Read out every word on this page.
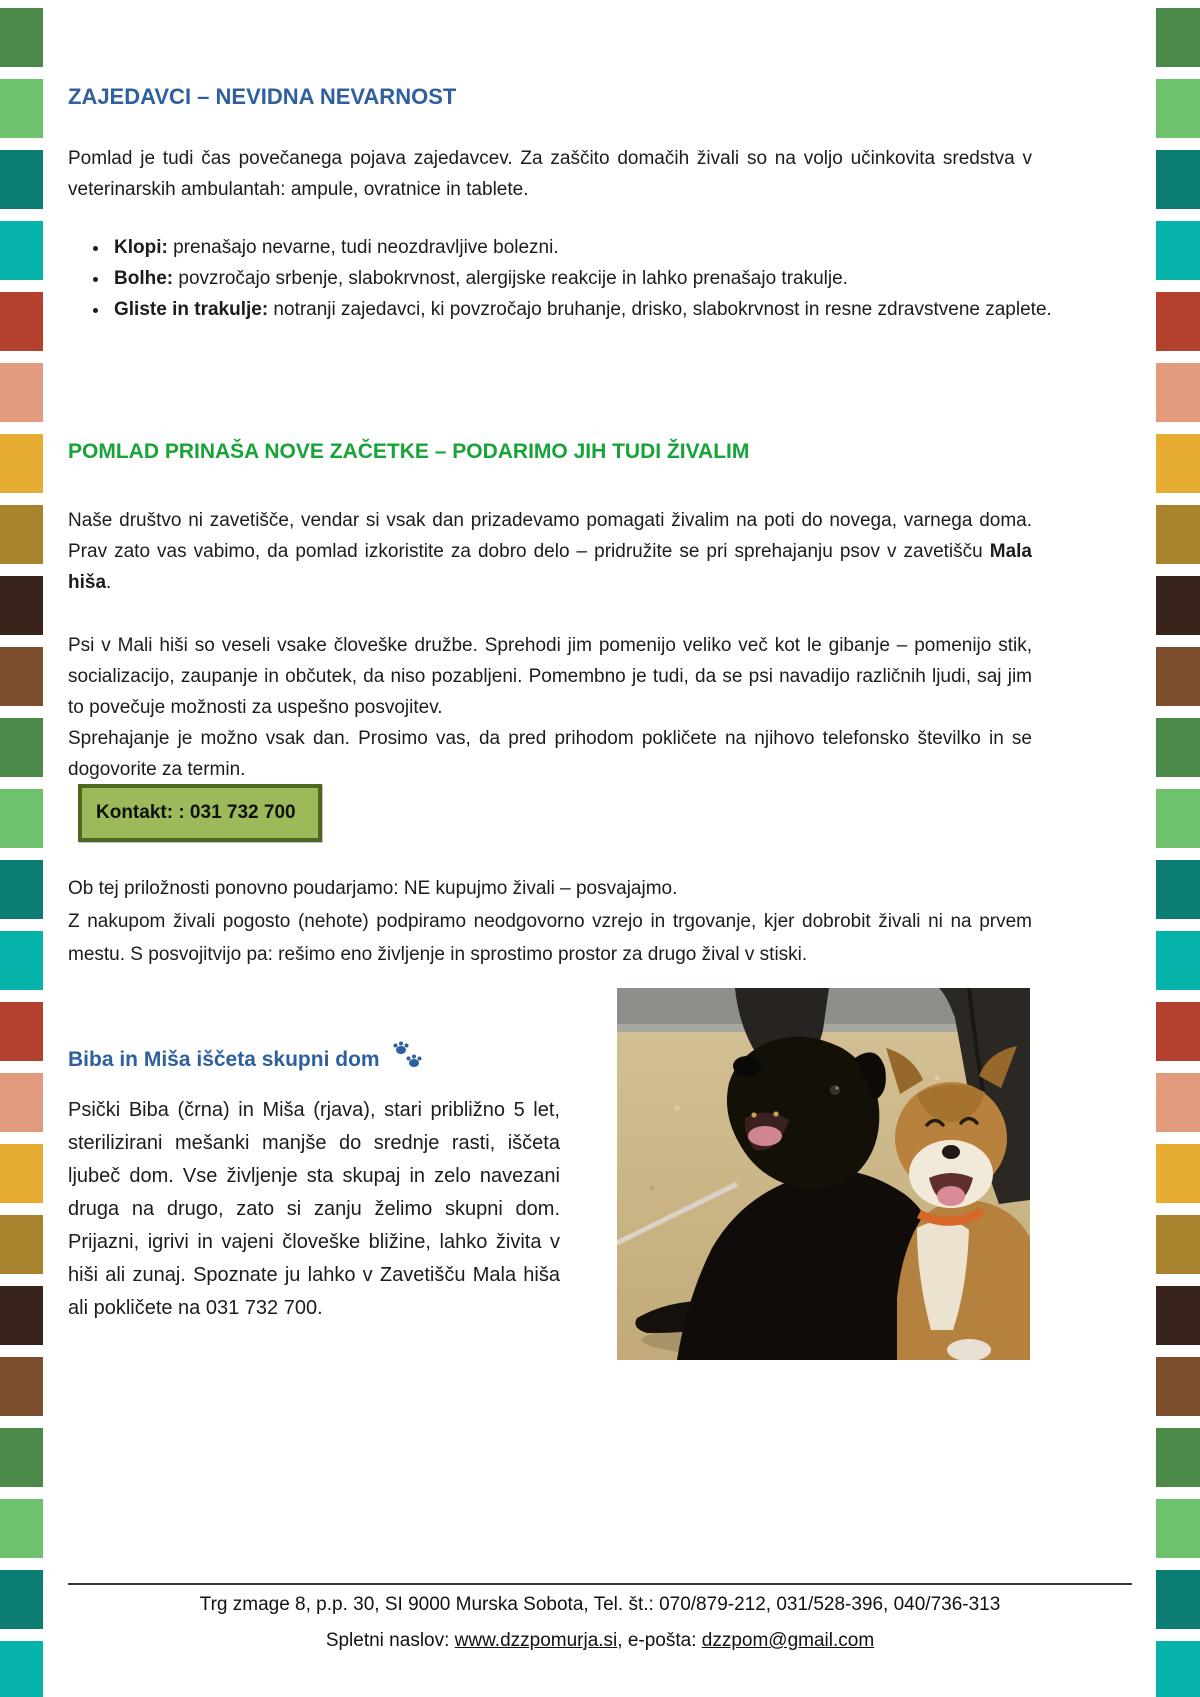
ZAJEDAVCI – NEVIDNA NEVARNOST

Pomlad je tudi čas povečanega pojava zajedavcev. Za zaščito domačih živali so na voljo učinkovita sredstva v veterinarskih ambulantah: ampule, ovratnice in tablete.

• Klopi: prenašajo nevarne, tudi neozdravljive bolezni.
• Bolhe: povzročajo srbenje, slabokrvnost, alergijske reakcije in lahko prenašajo trakulje.
• Gliste in trakulje: notranji zajedavci, ki povzročajo bruhanje, drisko, slabokrvnost in resne zdravstvene zaplete.
POMLAD PRINAŠA NOVE ZAČETKE – PODARIMO JIH TUDI ŽIVALIM

Naše društvo ni zavetišče, vendar si vsak dan prizadevamo pomagati živalim na poti do novega, varnega doma. Prav zato vas vabimo, da pomlad izkoristite za dobro delo – pridružite se pri sprehajanju psov v zavetišču Mala hiša.

Psi v Mali hiši so veseli vsake človeške družbe. Sprehodi jim pomenijo veliko več kot le gibanje – pomenijo stik, socializacijo, zaupanje in občutek, da niso pozabljeni. Pomembno je tudi, da se psi navadijo različnih ljudi, saj jim to povečuje možnosti za uspešno posvojitev.
Sprehajanje je možno vsak dan. Prosimo vas, da pred prihodom pokličete na njihovo telefonsko številko in se dogovorite za termin.

Kontakt: : 031 732 700

Ob tej priložnosti ponovno poudarjamo: NE kupujmo živali – posvajajmo.
Z nakupom živali pogosto (nehote) podpiramo neodgovorno vzrejo in trgovanje, kjer dobrobit živali ni na prvem mestu. S posvojitvijo pa: rešimo eno življenje in sprostimo prostor za drugo žival v stiski.

Biba in Miša iščeta skupni dom

Psički Biba (črna) in Miša (rjava), stari približno 5 let, sterilizirani mešanki manjše do srednje rasti, iščeta ljubeč dom. Vse življenje sta skupaj in zelo navezani druga na drugo, zato si zanju želimo skupni dom. Prijazni, igrivi in vajeni človeške bližine, lahko živita v hiši ali zunaj. Spoznate ju lahko v Zavetišču Mala hiša ali pokličete na 031 732 700.

Trg zmage 8, p.p. 30, SI 9000 Murska Sobota, Tel. št.: 070/879-212, 031/528-396, 040/736-313

Spletni naslov: www.dzzpomurja.si, e-pošta: dzzpom@gmail.com
